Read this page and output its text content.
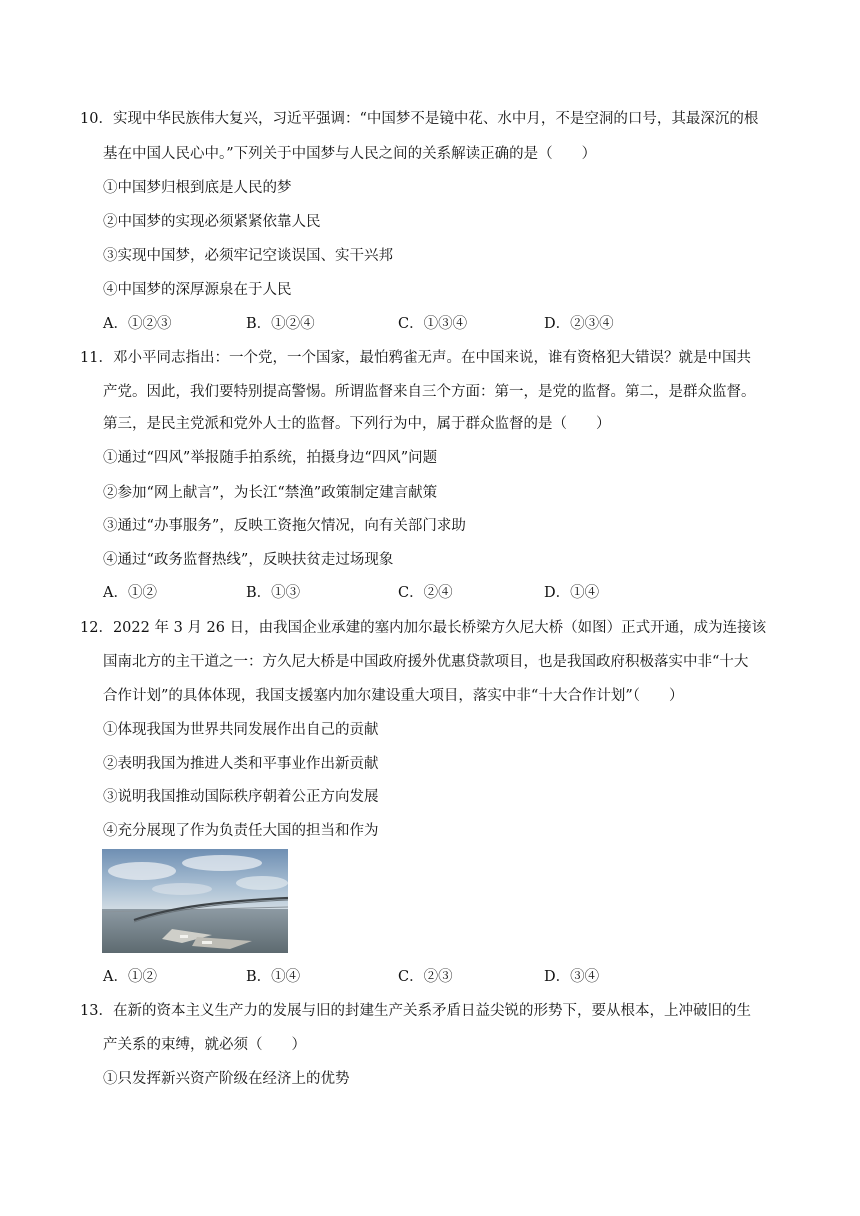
10．实现中华民族伟大复兴，习近平强调：“中国梦不是镜中花、水中月，不是空洞的口号，其最深沉的根
基在中国人民心中。”下列关于中国梦与人民之间的关系解读正确的是（　　）
①中国梦归根到底是人民的梦
②中国梦的实现必须紧紧依靠人民
③实现中国梦，必须牢记空谈误国、实干兴邦
④中国梦的深厚源泉在于人民
A．①②③	B．①②④	C．①③④	D．②③④
11．邓小平同志指出：一个党，一个国家，最怕鸦雀无声。在中国来说，谁有资格犯大错误？就是中国共
产党。因此，我们要特别提高警惕。所谓监督来自三个方面：第一，是党的监督。第二，是群众监督。
第三，是民主党派和党外人士的监督。下列行为中，属于群众监督的是（　　）
①通过“四风”举报随手拍系统，拍摄身边“四风”问题
②参加“网上献言”，为长江“禁渔”政策制定建言献策
③通过“办事服务”，反映工资拖欠情况，向有关部门求助
④通过“政务监督热线”，反映扶贫走过场现象
A．①②	B．①③	C．②④	D．①④
12．2022 年 3 月 26 日，由我国企业承建的塞内加尔最长桥梁方久尼大桥（如图）正式开通，成为连接该
国南北方的主干道之一：方久尼大桥是中国政府援外优惠贷款项目，也是我国政府积极落实中非“十大
合作计划”的具体体现，我国支援塞内加尔建设重大项目，落实中非“十大合作计划”（　　）
①体现我国为世界共同发展作出自己的贡献
②表明我国为推进人类和平事业作出新贡献
③说明我国推动国际秩序朝着公正方向发展
④充分展现了作为负责任大国的担当和作为
A．①②	B．①④	C．②③	D．③④
13．在新的资本主义生产力的发展与旧的封建生产关系矛盾日益尖锐的形势下，要从根本，上冲破旧的生
产关系的束缚，就必须（　　）
①只发挥新兴资产阶级在经济上的优势
